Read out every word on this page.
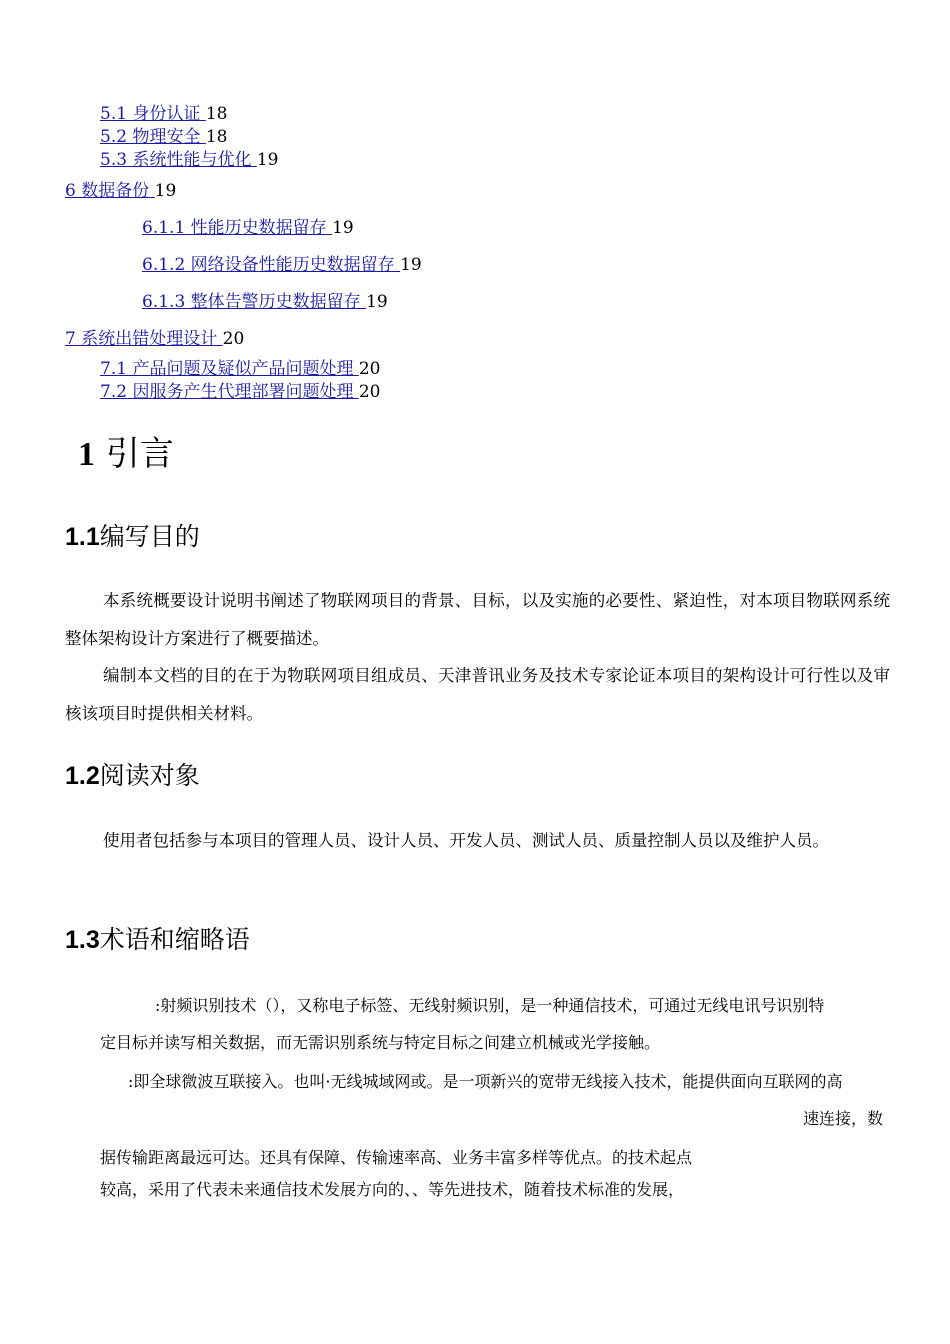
5.1 身份认证 18
5.2 物理安全 18
5.3 系统性能与优化 19
6 数据备份 19
6.1.1 性能历史数据留存 19
6.1.2 网络设备性能历史数据留存 19
6.1.3 整体告警历史数据留存 19
7 系统出错处理设计 20
7.1 产品问题及疑似产品问题处理 20
7.2 因服务产生代理部署问题处理 20
1 引言
1.1编写目的

本系统概要设计说明书阐述了物联网项目的背景、目标，以及实施的必要性、紧迫性，对本项目物联网系统整体架构设计方案进行了概要描述。

编制本文档的目的在于为物联网项目组成员、天津普讯业务及技术专家论证本项目的架构设计可行性以及审核该项目时提供相关材料。

1.2阅读对象

使用者包括参与本项目的管理人员、设计人员、开发人员、测试人员、质量控制人员以及维护人员。

1.3术语和缩略语
:射频识别技术（），又称电子标签、无线射频识别，是一种通信技术，可通过无线电讯号识别特
定目标并读写相关数据，而无需识别系统与特定目标之间建立机械或光学接触。
:即全球微波互联接入。也叫·无线城域网或。是一项新兴的宽带无线接入技术，能提供面向互联网的高
速连接，数
据传输距离最远可达。还具有保障、传输速率高、业务丰富多样等优点。的技术起点
较高，采用了代表未来通信技术发展方向的、、等先进技术，随着技术标准的发展，
